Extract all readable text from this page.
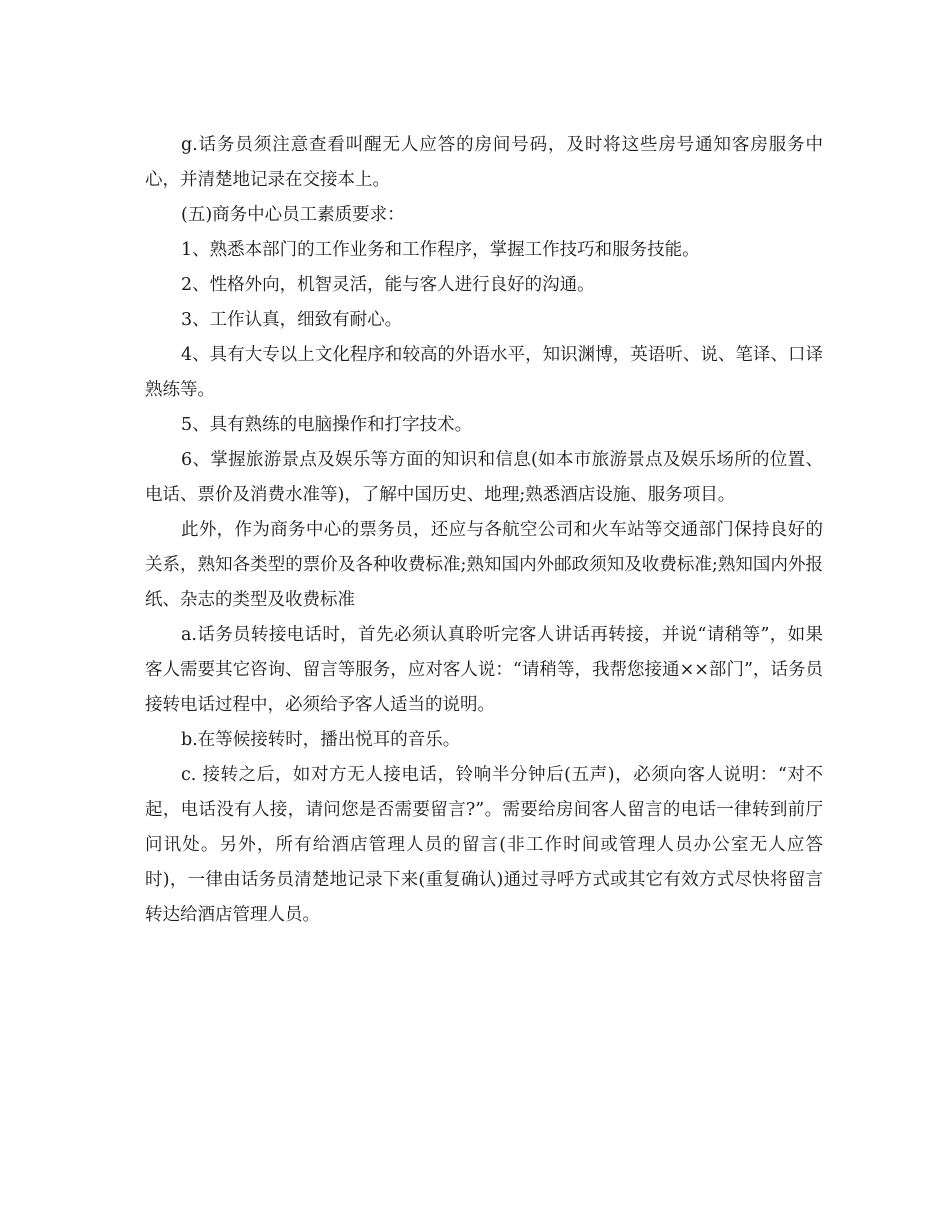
g.话务员须注意查看叫醒无人应答的房间号码，及时将这些房号通知客房服务中心，并清楚地记录在交接本上。

(五)商务中心员工素质要求：

1、熟悉本部门的工作业务和工作程序，掌握工作技巧和服务技能。

2、性格外向，机智灵活，能与客人进行良好的沟通。

3、工作认真，细致有耐心。

4、具有大专以上文化程序和较高的外语水平，知识渊博，英语听、说、笔译、口译熟练等。

5、具有熟练的电脑操作和打字技术。

6、掌握旅游景点及娱乐等方面的知识和信息(如本市旅游景点及娱乐场所的位置、电话、票价及消费水准等)，了解中国历史、地理;熟悉酒店设施、服务项目。

此外，作为商务中心的票务员，还应与各航空公司和火车站等交通部门保持良好的关系，熟知各类型的票价及各种收费标准;熟知国内外邮政须知及收费标准;熟知国内外报纸、杂志的类型及收费标准

a.话务员转接电话时，首先必须认真聆听完客人讲话再转接，并说“请稍等”，如果客人需要其它咨询、留言等服务，应对客人说：“请稍等，我帮您接通××部门”，话务员接转电话过程中，必须给予客人适当的说明。

b.在等候接转时，播出悦耳的音乐。

c. 接转之后，如对方无人接电话，铃响半分钟后(五声)，必须向客人说明：“对不起，电话没有人接，请问您是否需要留言?”。需要给房间客人留言的电话一律转到前厅问讯处。另外，所有给酒店管理人员的留言(非工作时间或管理人员办公室无人应答时)，一律由话务员清楚地记录下来(重复确认)通过寻呼方式或其它有效方式尽快将留言转达给酒店管理人员。
